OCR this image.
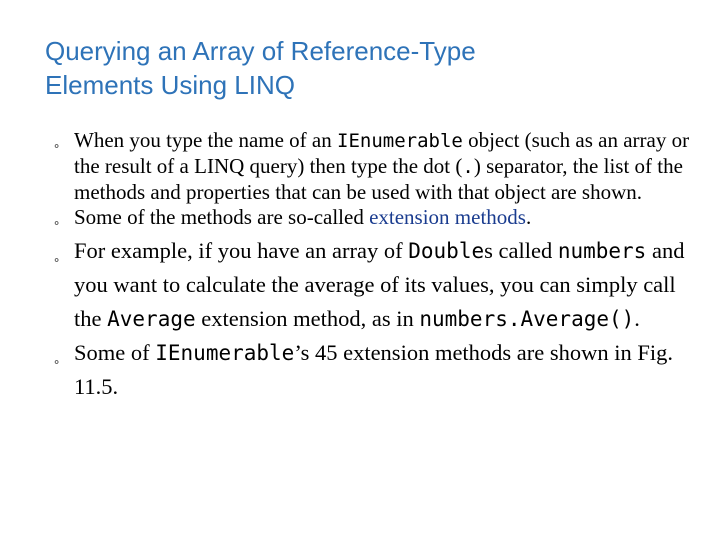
Querying an Array of Reference-Type
Elements Using LINQ
⚬ When you type the name of an IEnumerable object (such as an array or the result of a LINQ query) then type the dot (.) separator, the list of the methods and properties that can be used with that object are shown.
⚬ Some of the methods are so-called extension methods.
⚬ For example, if you have an array of Doubles called numbers and you want to calculate the average of its values, you can simply call the Average extension method, as in numbers.Average().
⚬ Some of IEnumerable’s 45 extension methods are shown in Fig. 11.5.
